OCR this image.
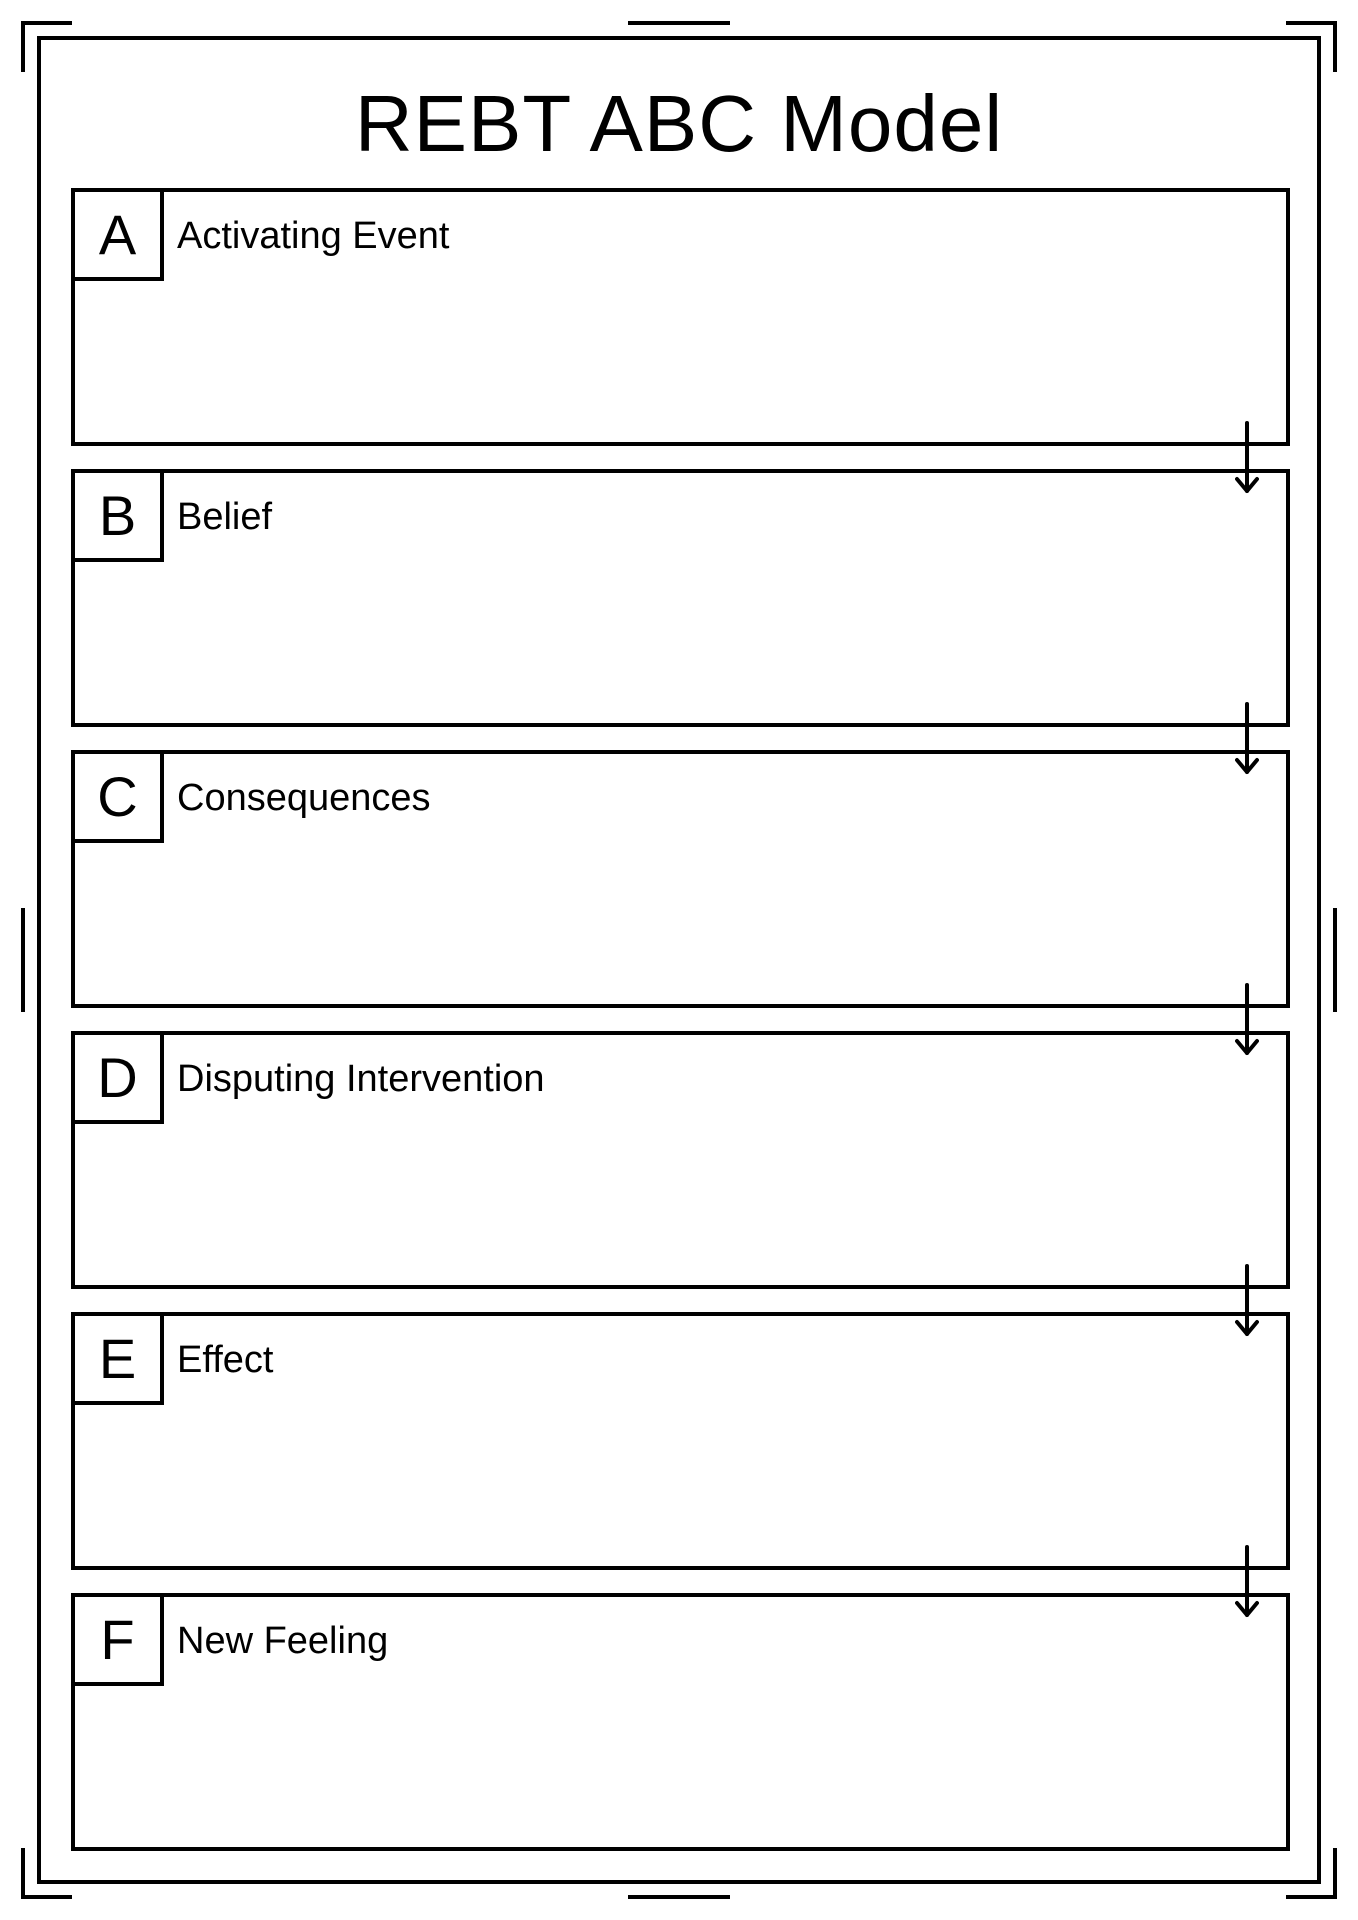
REBT ABC Model
A	Activating Event
B	Belief
C	Consequences
D	Disputing Intervention
E	Effect
F	New Feeling
